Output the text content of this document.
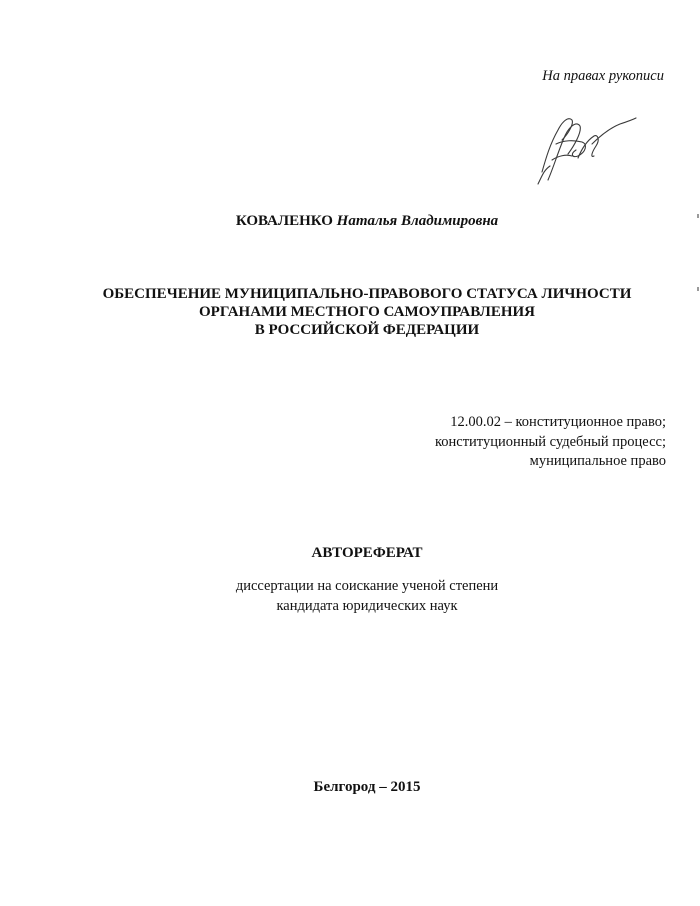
На правах рукописи
КОВАЛЕНКО Наталья Владимировна
ОБЕСПЕЧЕНИЕ МУНИЦИПАЛЬНО-ПРАВОВОГО СТАТУСА ЛИЧНОСТИ
ОРГАНАМИ МЕСТНОГО САМОУПРАВЛЕНИЯ
В РОССИЙСКОЙ ФЕДЕРАЦИИ
12.00.02 – конституционное право;
конституционный судебный процесс;
муниципальное право
АВТОРЕФЕРАТ
диссертации на соискание ученой степени
кандидата юридических наук
Белгород – 2015
